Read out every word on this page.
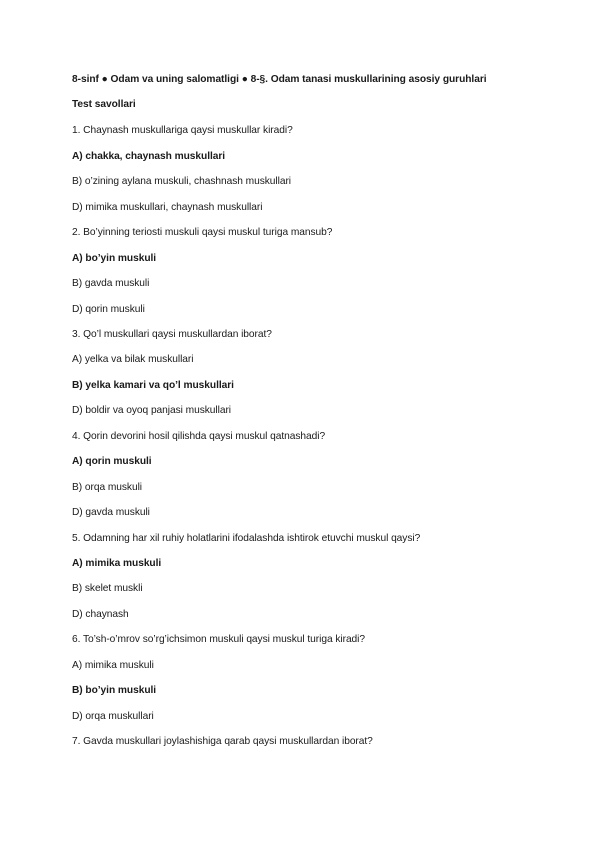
8-sinf ● Odam va uning salomatligi ● 8-§. Odam tanasi muskullarining asosiy guruhlari
Test savollari
1. Chaynash muskullariga qaysi muskullar kiradi?
A) chakka, chaynash muskullari
B) o’zining aylana muskuli, chashnash muskullari
D) mimika muskullari, chaynash muskullari
2. Bo’yinning teriosti muskuli qaysi muskul turiga mansub?
A) bo’yin muskuli
B) gavda muskuli
D) qorin muskuli
3. Qo’l muskullari qaysi muskullardan iborat?
A) yelka va bilak muskullari
B) yelka kamari va qo’l muskullari
D) boldir va oyoq panjasi muskullari
4. Qorin devorini hosil qilishda qaysi muskul qatnashadi?
A) qorin muskuli
B) orqa muskuli
D) gavda muskuli
5. Odamning har xil ruhiy holatlarini ifodalashda ishtirok etuvchi muskul qaysi?
A) mimika muskuli
B) skelet muskli
D) chaynash
6. To’sh-o’mrov so’rg’ichsimon muskuli qaysi muskul turiga kiradi?
A) mimika muskuli
B) bo’yin muskuli
D) orqa muskullari
7. Gavda muskullari joylashishiga qarab qaysi muskullardan iborat?
